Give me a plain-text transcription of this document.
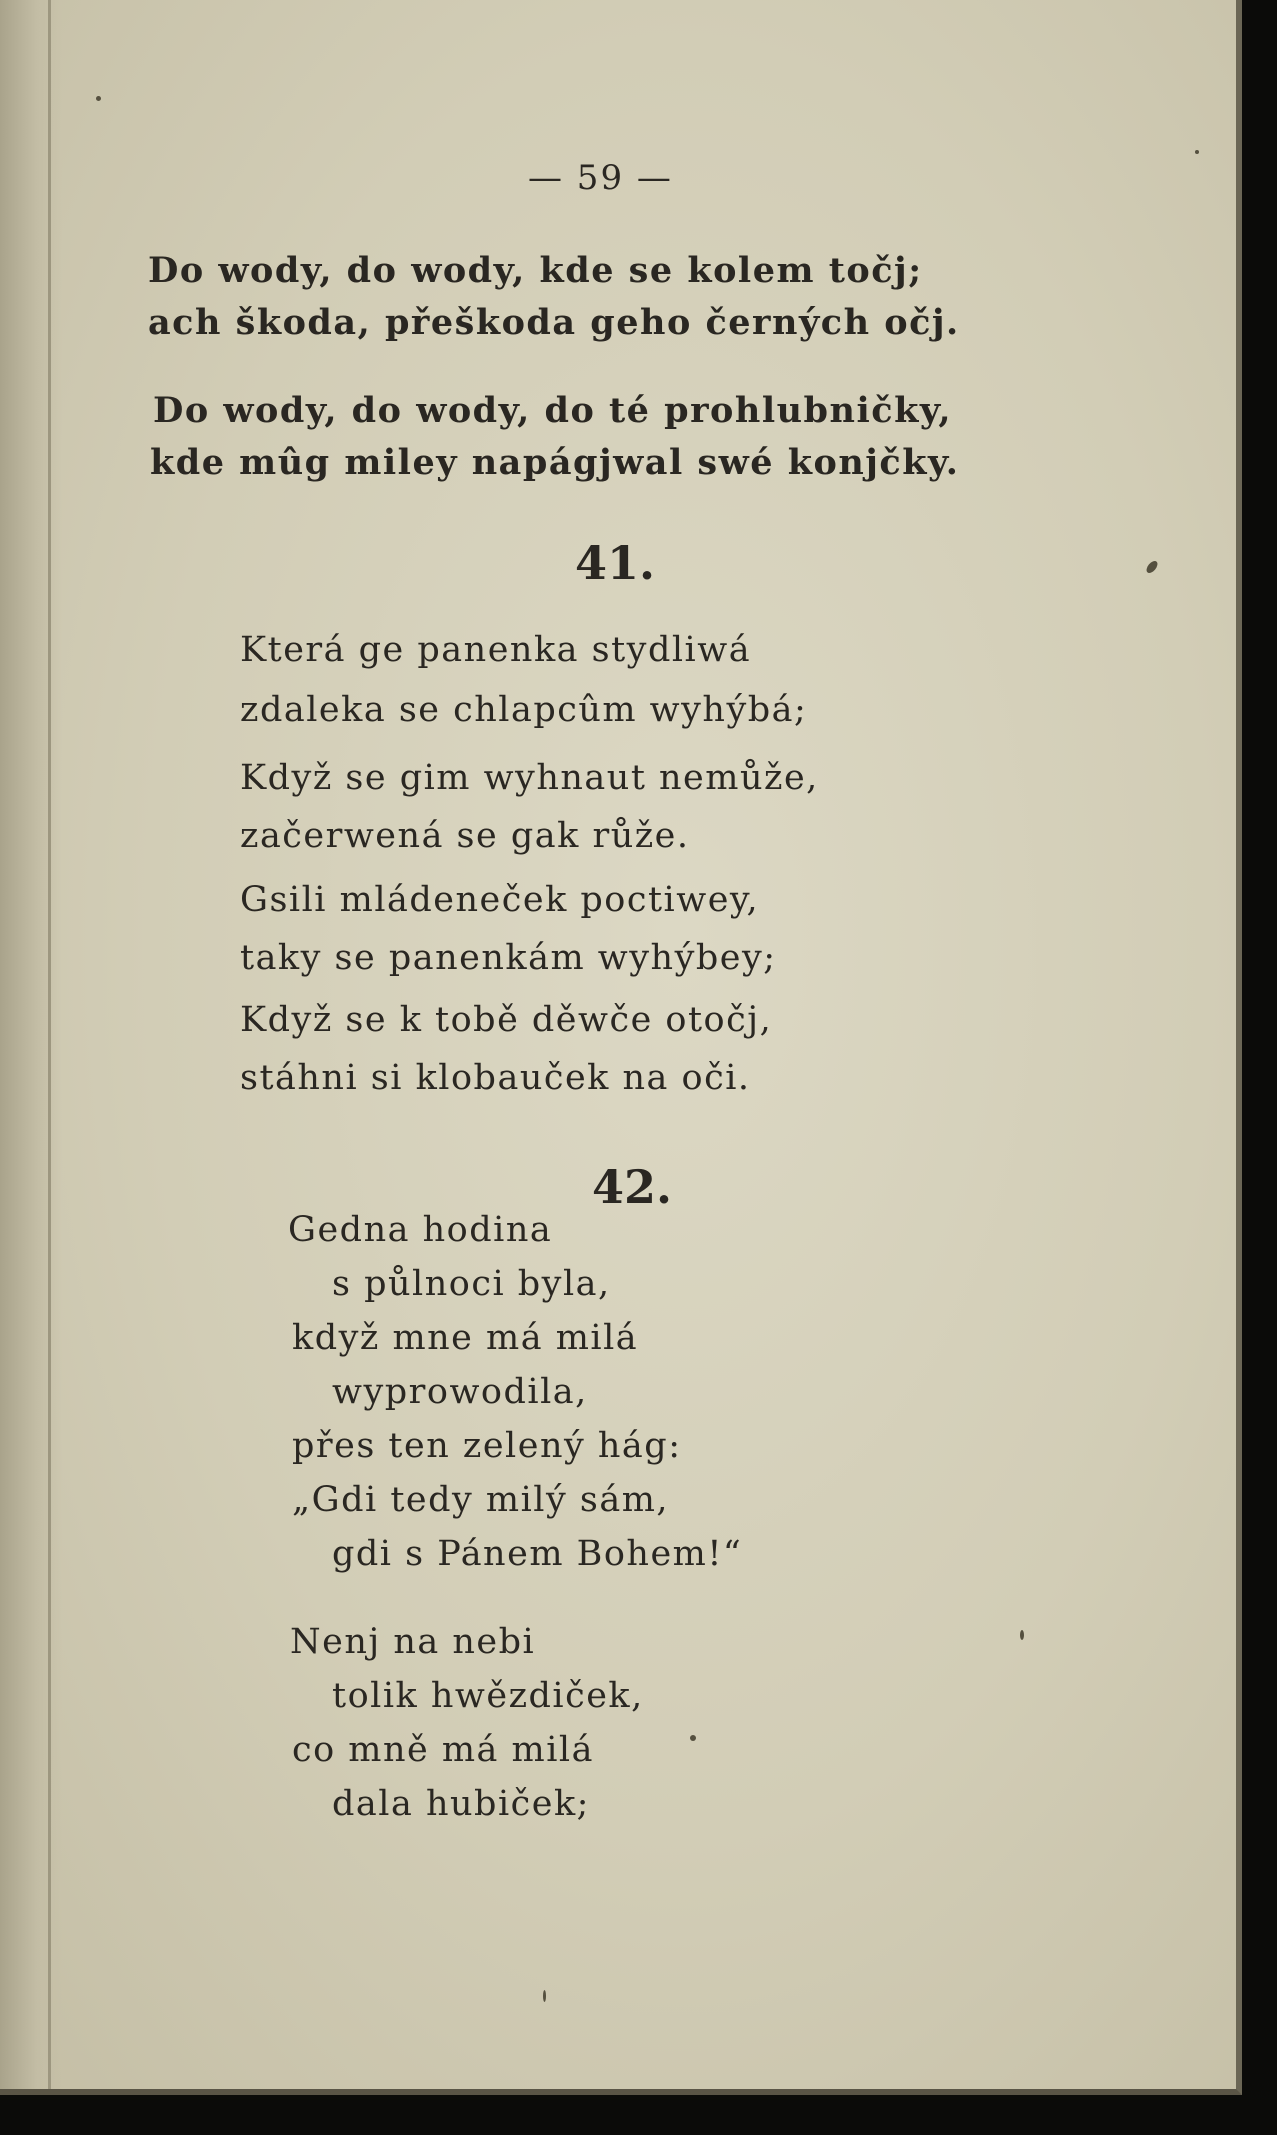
— 59 —
Do wody, do wody, kde se kolem točj;
ach škoda, přeškoda geho černých očj.
Do wody, do wody, do té prohlubničky,
kde mûg miley napágjwal swé konjčky.
41.
Která ge panenka stydliwá
zdaleka se chlapcûm wyhýbá;
Když se gim wyhnaut nemůže,
začerwená se gak růže.
Gsili mládeneček poctiwey,
taky se panenkám wyhýbey;
Když se k tobě děwče otočj,
stáhni si klobauček na oči.
42.
Gedna hodina
s půlnoci byla,
když mne má milá
wyprowodila,
přes ten zelený hág:
„Gdi tedy milý sám,
gdi s Pánem Bohem!“
Nenj na nebi
tolik hwězdiček,
co mně má milá
dala hubiček;
